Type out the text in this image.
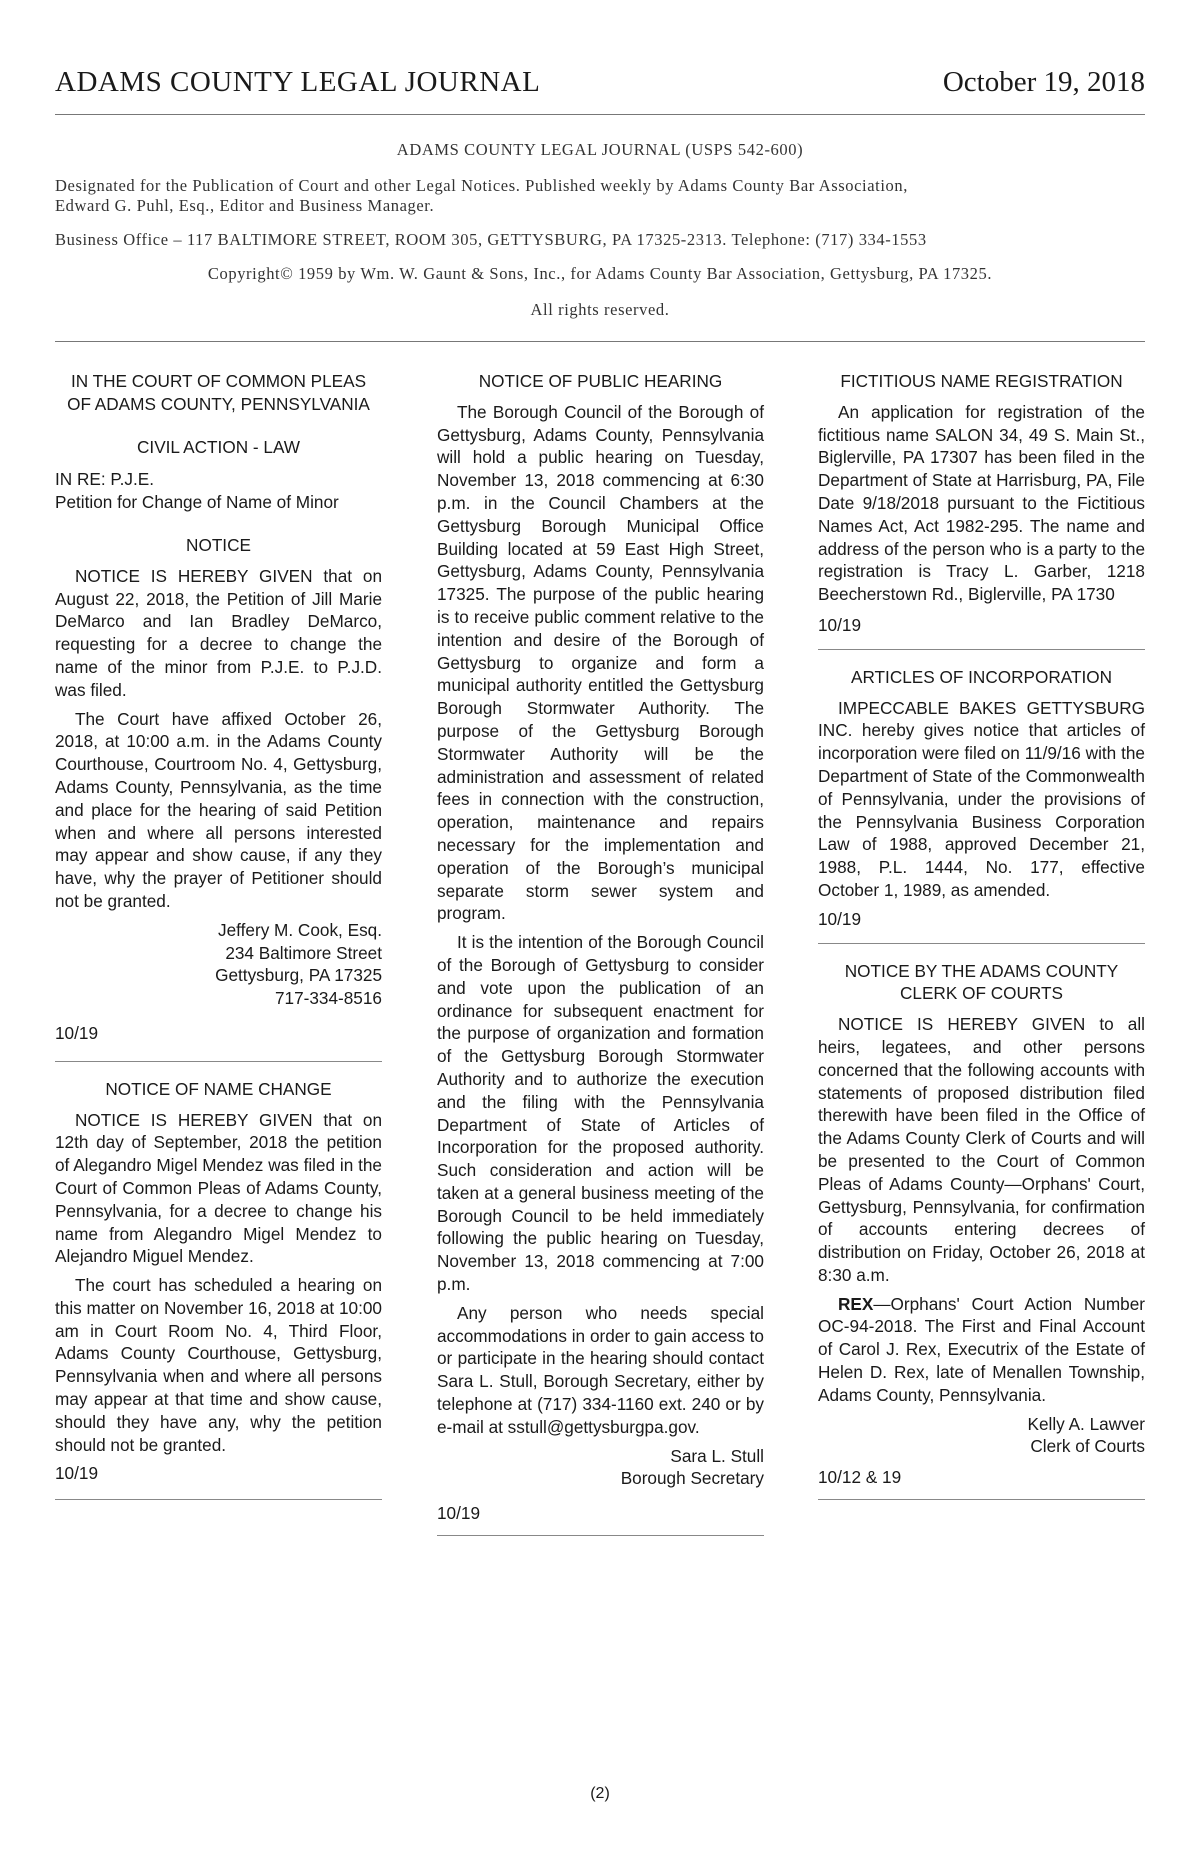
ADAMS COUNTY LEGAL JOURNAL	October 19, 2018
ADAMS COUNTY LEGAL JOURNAL (USPS 542-600)
Designated for the Publication of Court and other Legal Notices. Published weekly by Adams County Bar Association,
Edward G. Puhl, Esq., Editor and Business Manager.
Business Office – 117 BALTIMORE STREET, ROOM 305, GETTYSBURG, PA 17325-2313. Telephone: (717) 334-1553
Copyright© 1959 by Wm. W. Gaunt & Sons, Inc., for Adams County Bar Association, Gettysburg, PA 17325.
All rights reserved.

IN THE COURT OF COMMON PLEAS

OF ADAMS COUNTY, PENNSYLVANIA

CIVIL ACTION - LAW

IN RE: P.J.E.

Petition for Change of Name of Minor

NOTICE

NOTICE IS HEREBY GIVEN that on August 22, 2018, the Petition of Jill Marie DeMarco and Ian Bradley DeMarco, requesting for a decree to change the name of the minor from P.J.E. to P.J.D. was filed.

The Court have affixed October 26, 2018, at 10:00 a.m. in the Adams County Courthouse, Courtroom No. 4, Gettysburg, Adams County, Pennsylvania, as the time and place for the hearing of said Petition when and where all persons interested may appear and show cause, if any they have, why the prayer of Petitioner should not be granted.

Jeffery M. Cook, Esq.

234 Baltimore Street

Gettysburg, PA 17325

717-334-8516

10/19

NOTICE OF NAME CHANGE

NOTICE IS HEREBY GIVEN that on 12th day of September, 2018 the petition of Alegandro Migel Mendez was filed in the Court of Common Pleas of Adams County, Pennsylvania, for a decree to change his name from Alegandro Migel Mendez to Alejandro Miguel Mendez.

The court has scheduled a hearing on this matter on November 16, 2018 at 10:00 am in Court Room No. 4, Third Floor, Adams County Courthouse, Gettysburg, Pennsylvania when and where all persons may appear at that time and show cause, should they have any, why the petition should not be granted.

10/19

NOTICE OF PUBLIC HEARING

The Borough Council of the Borough of Gettysburg, Adams County, Pennsylvania will hold a public hearing on Tuesday, November 13, 2018 commencing at 6:30 p.m. in the Council Chambers at the Gettysburg Borough Municipal Office Building located at 59 East High Street, Gettysburg, Adams County, Pennsylvania 17325. The purpose of the public hearing is to receive public comment relative to the intention and desire of the Borough of Gettysburg to organize and form a municipal authority entitled the Gettysburg Borough Stormwater Authority. The purpose of the Gettysburg Borough Stormwater Authority will be the administration and assessment of related fees in connection with the construction, operation, maintenance and repairs necessary for the implementation and operation of the Borough’s municipal separate storm sewer system and program.

It is the intention of the Borough Council of the Borough of Gettysburg to consider and vote upon the publication of an ordinance for subsequent enactment for the purpose of organization and formation of the Gettysburg Borough Stormwater Authority and to authorize the execution and the filing with the Pennsylvania Department of State of Articles of Incorporation for the proposed authority. Such consideration and action will be taken at a general business meeting of the Borough Council to be held immediately following the public hearing on Tuesday, November 13, 2018 commencing at 7:00 p.m.

Any person who needs special accommodations in order to gain access to or participate in the hearing should contact Sara L. Stull, Borough Secretary, either by telephone at (717) 334-1160 ext. 240 or by e-mail at sstull@gettysburgpa.gov.

Sara L. Stull

Borough Secretary

10/19

FICTITIOUS NAME REGISTRATION

An application for registration of the fictitious name SALON 34, 49 S. Main St., Biglerville, PA 17307 has been filed in the Department of State at Harrisburg, PA, File Date 9/18/2018 pursuant to the Fictitious Names Act, Act 1982-295. The name and address of the person who is a party to the registration is Tracy L. Garber, 1218 Beecherstown Rd., Biglerville, PA 1730

10/19

ARTICLES OF INCORPORATION

IMPECCABLE BAKES GETTYSBURG INC. hereby gives notice that articles of incorporation were filed on 11/9/16 with the Department of State of the Commonwealth of Pennsylvania, under the provisions of the Pennsylvania Business Corporation Law of 1988, approved December 21, 1988, P.L. 1444, No. 177, effective October 1, 1989, as amended.

10/19

NOTICE BY THE ADAMS COUNTY

CLERK OF COURTS

NOTICE IS HEREBY GIVEN to all heirs, legatees, and other persons concerned that the following accounts with statements of proposed distribution filed therewith have been filed in the Office of the Adams County Clerk of Courts and will be presented to the Court of Common Pleas of Adams County—Orphans' Court, Gettysburg, Pennsylvania, for confirmation of accounts entering decrees of distribution on Friday, October 26, 2018 at 8:30 a.m.

REX—Orphans' Court Action Number OC-94-2018. The First and Final Account of Carol J. Rex, Executrix of the Estate of Helen D. Rex, late of Menallen Township, Adams County, Pennsylvania.

Kelly A. Lawver

Clerk of Courts

10/12 & 19

(2)
